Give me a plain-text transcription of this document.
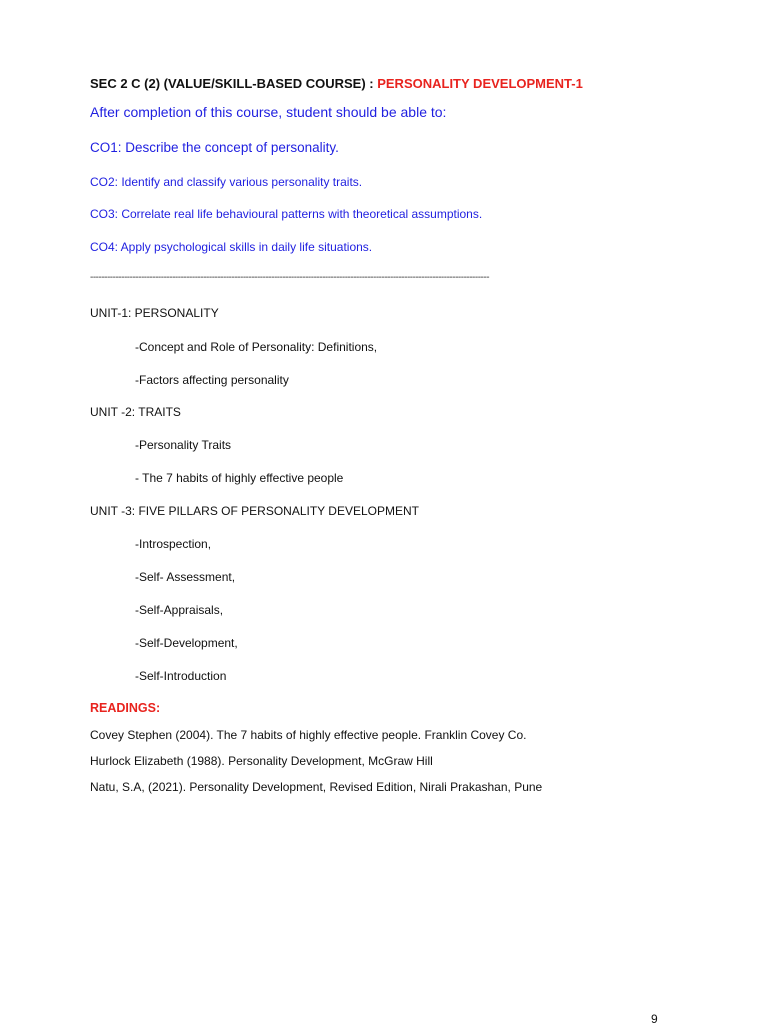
SEC 2 C (2) (VALUE/SKILL-BASED COURSE) : PERSONALITY DEVELOPMENT-1
After completion of this course, student should be able to:
CO1: Describe the concept of personality.
CO2: Identify and classify various personality traits.
CO3: Correlate real life behavioural patterns with theoretical assumptions.
CO4: Apply psychological skills in daily life situations.
---------------------------------------------------------------------------------------------------------------------------------------------
UNIT-1: PERSONALITY
-Concept and Role of Personality: Definitions,
-Factors affecting personality
UNIT -2: TRAITS
-Personality Traits
- The 7 habits of highly effective people
UNIT -3: FIVE PILLARS OF PERSONALITY DEVELOPMENT
-Introspection,
-Self- Assessment,
-Self-Appraisals,
-Self-Development,
-Self-Introduction
READINGS:
Covey Stephen (2004). The 7 habits of highly effective people. Franklin Covey Co.
Hurlock Elizabeth (1988). Personality Development, McGraw Hill
Natu, S.A, (2021). Personality Development, Revised Edition, Nirali Prakashan, Pune
9
